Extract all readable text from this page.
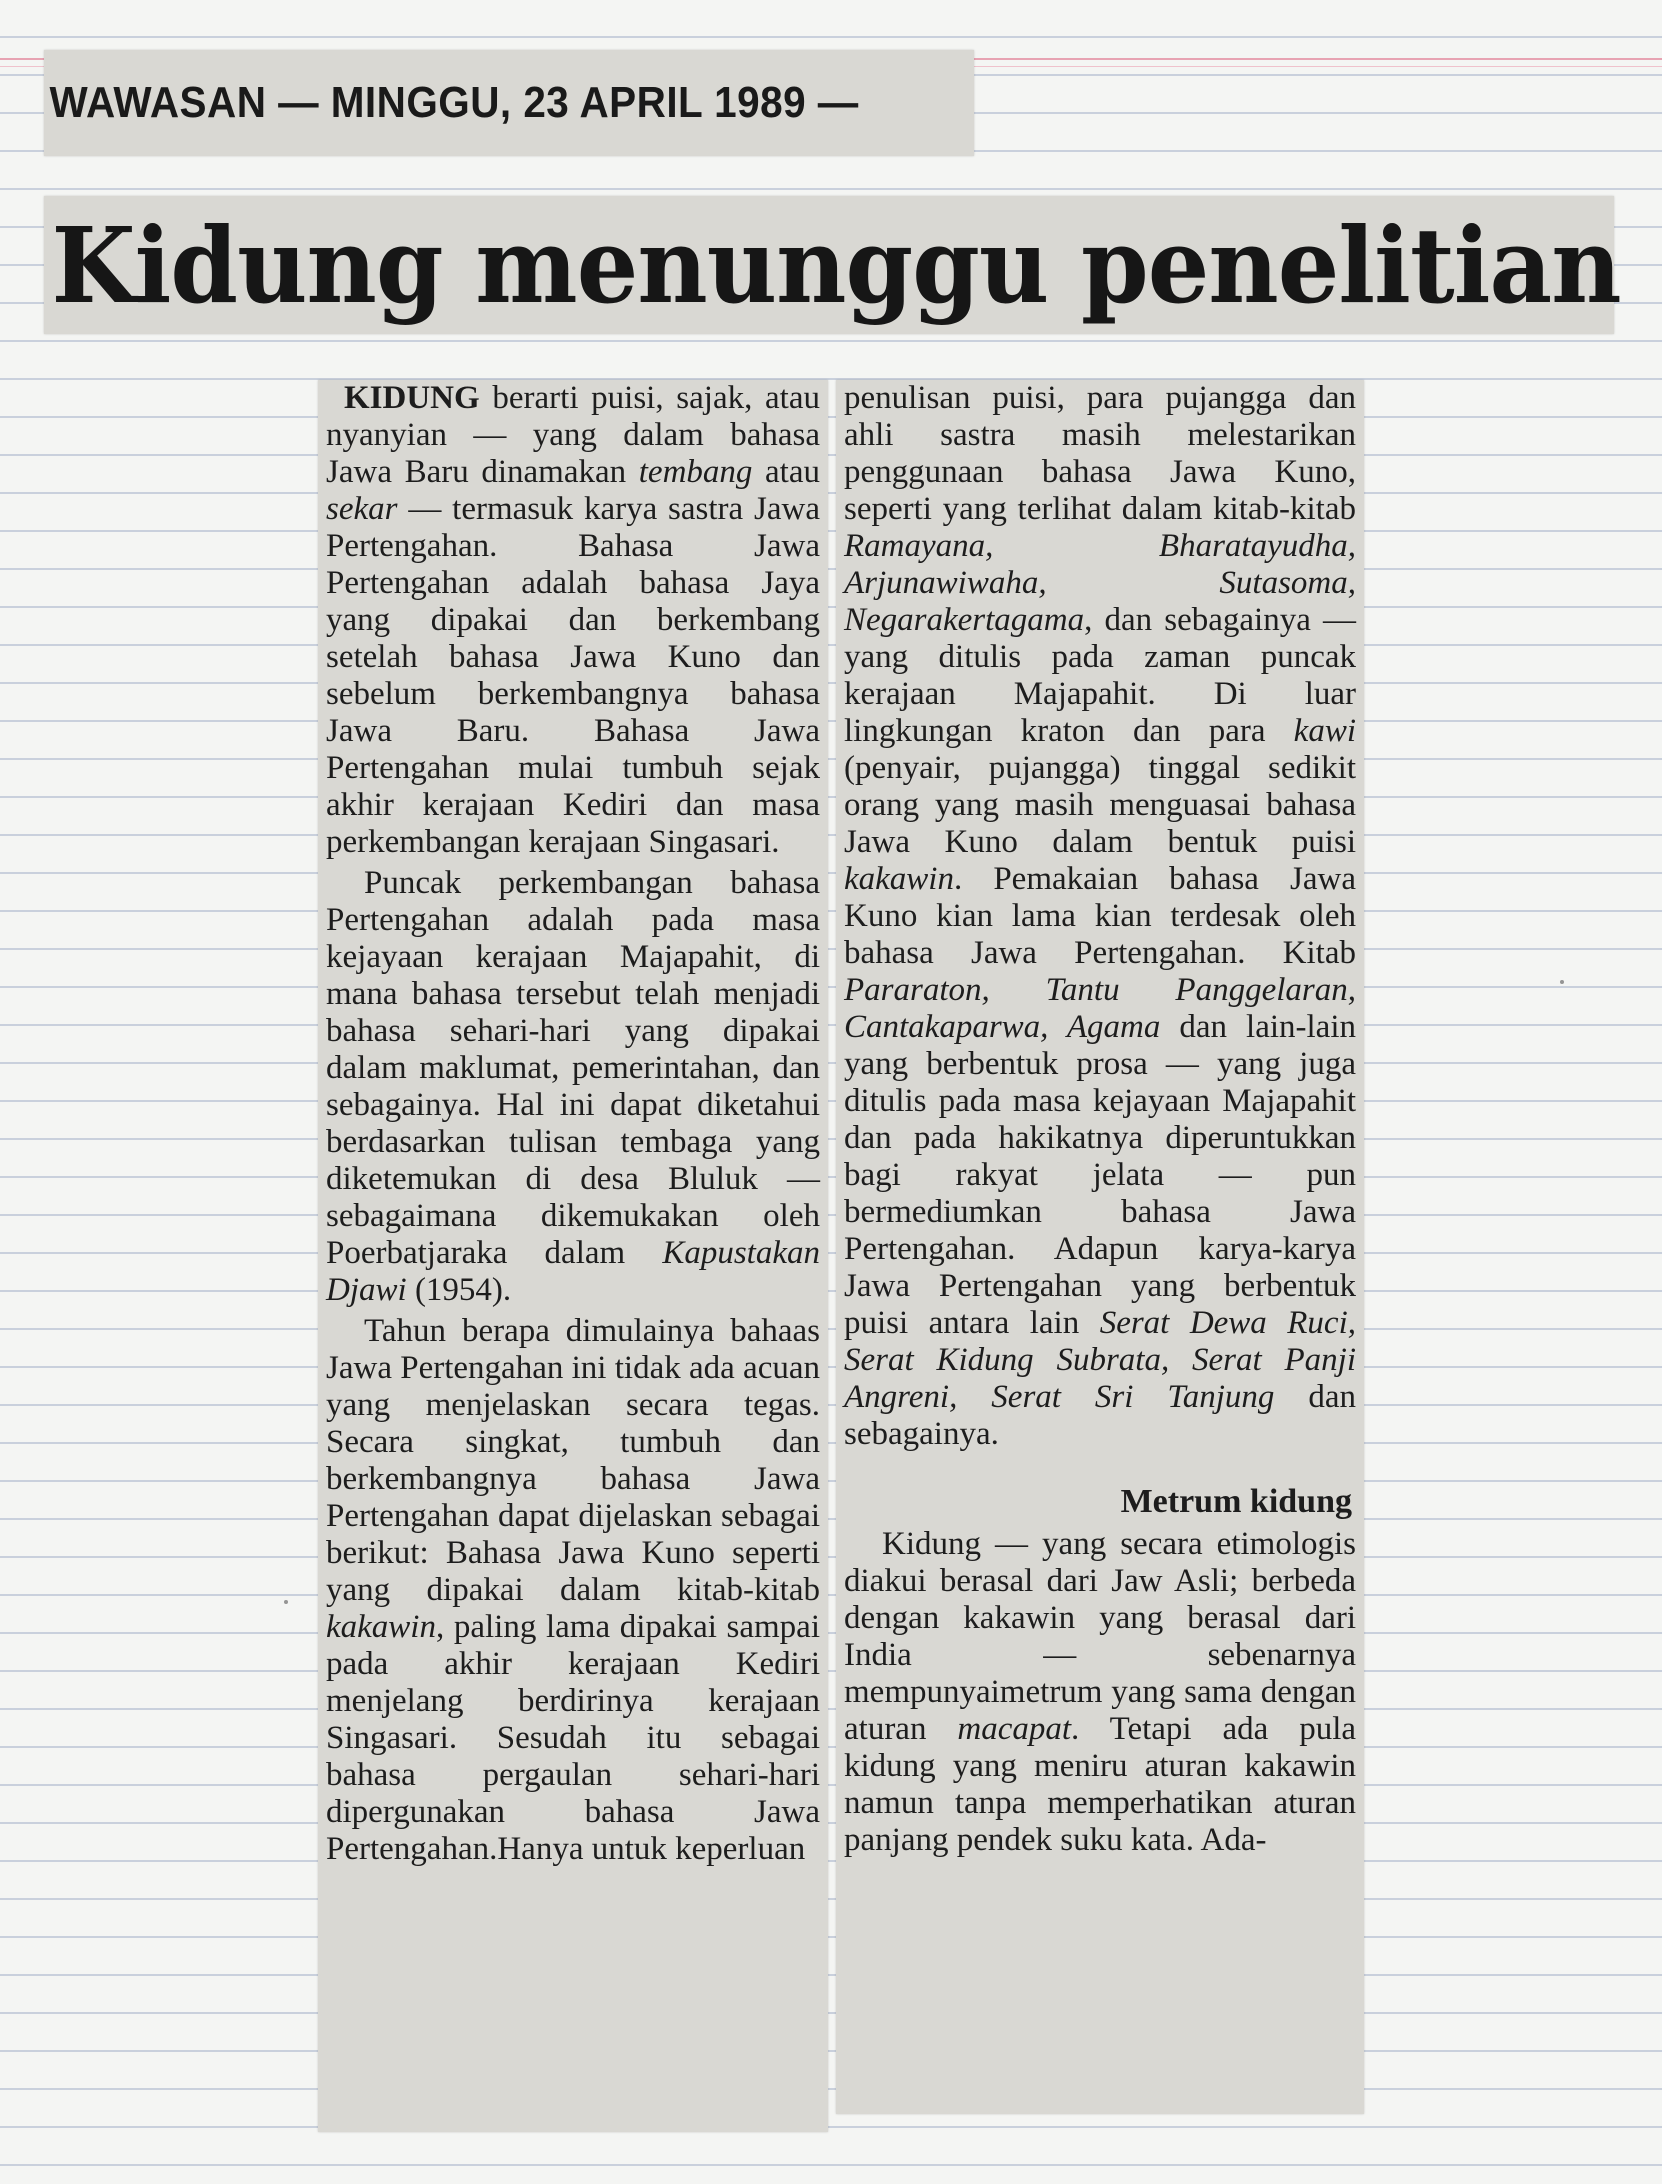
WAWASAN — MINGGU, 23 APRIL 1989 —
Kidung menunggu penelitian

KIDUNG berarti puisi, sajak, atau nyanyian — yang dalam bahasa Jawa Baru dinamakan tembang atau sekar — termasuk karya sastra Jawa Pertengahan. Bahasa Jawa Pertengahan adalah bahasa Jaya yang dipakai dan berkembang setelah bahasa Jawa Kuno dan sebelum berkembangnya bahasa Jawa Baru. Bahasa Jawa Pertengahan mulai tumbuh sejak akhir kerajaan Kediri dan masa perkembangan kerajaan Singasari.

Puncak perkembangan bahasa Pertengahan adalah pada masa kejayaan kerajaan Majapahit, di mana bahasa tersebut telah menjadi bahasa sehari-hari yang dipakai dalam maklumat, pemerintahan, dan sebagainya. Hal ini dapat diketahui berdasarkan tulisan tembaga yang diketemukan di desa Bluluk — sebagaimana dikemukakan oleh Poerbatjaraka dalam Kapustakan Djawi (1954).

Tahun berapa dimulainya bahaas Jawa Pertengahan ini tidak ada acuan yang menjelaskan secara tegas. Secara singkat, tumbuh dan berkembangnya bahasa Jawa Pertengahan dapat dijelaskan sebagai berikut: Bahasa Jawa Kuno seperti yang dipakai dalam kitab-kitab kakawin, paling lama dipakai sampai pada akhir kerajaan Kediri menjelang berdirinya kerajaan Singasari. Sesudah itu sebagai bahasa pergaulan sehari-hari dipergunakan bahasa Jawa Pertengahan.Hanya untuk keperluan

penulisan puisi, para pujangga dan ahli sastra masih melestarikan penggunaan bahasa Jawa Kuno, seperti yang terlihat dalam kitab-kitab Ramayana, Bharatayudha, Arjunawiwaha, Sutasoma, Negarakertagama, dan sebagainya — yang ditulis pada zaman puncak kerajaan Majapahit. Di luar lingkungan kraton dan para kawi (penyair, pujangga) tinggal sedikit orang yang masih menguasai bahasa Jawa Kuno dalam bentuk puisi kakawin. Pemakaian bahasa Jawa Kuno kian lama kian terdesak oleh bahasa Jawa Pertengahan. Kitab Pararaton, Tantu Panggelaran, Cantakaparwa, Agama dan lain-lain yang berbentuk prosa — yang juga ditulis pada masa kejayaan Majapahit dan pada hakikatnya diperuntukkan bagi rakyat jelata — pun bermediumkan bahasa Jawa Pertengahan. Adapun karya-karya Jawa Pertengahan yang berbentuk puisi antara lain Serat Dewa Ruci, Serat Kidung Subrata, Serat Panji Angreni, Serat Sri Tanjung dan sebagainya.

Metrum kidung

Kidung — yang secara etimologis diakui berasal dari Jaw Asli; berbeda dengan kakawin yang berasal dari India — sebenarnya mempunyaimetrum yang sama dengan aturan macapat. Tetapi ada pula kidung yang meniru aturan kakawin namun tanpa memperhatikan aturan panjang pendek suku kata. Ada-
